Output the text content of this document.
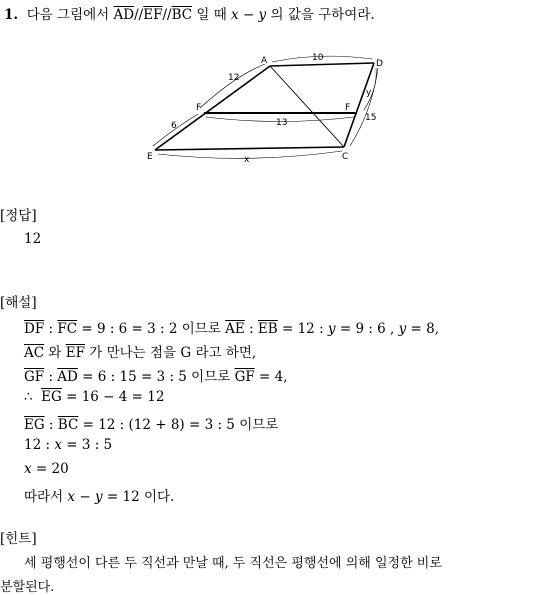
1. 다음 그림에서 $\overline{AD}//\overline{EF}//\overline{BC}$ 일 때 x − y 의 값을 구하여라.
A	D
F	F
E	C
10
12
6	13
x
15
y
[정답]
12
[해설]
$\overline{DF}$ : $\overline{FC} = 9$ : 6 = 3 : 2 이므로 $\overline{AE}$ : $\overline{EB} = 12$ : y = 9 : 6 , y = 8,
$\overline{AC}$ 와 $\overline{EF}$ 가 만나는 점을 G 라고 하면,
$\overline{GF}$ : $\overline{AD} = 6$ : 15 = 3 : 5 이므로 $\overline{GF} = 4$,
∴  $\overline{EG} = 16 - 4 = 12$
$\overline{EG}$ : $\overline{BC} = 12$ : (12 + 8) = 3 : 5 이므로
12 : x = 3 : 5
x = 20
따라서 x − y = 12 이다.
[힌트]
세 평행선이 다른 두 직선과 만날 때, 두 직선은 평행선에 의해 일정한 비로
분할된다.
